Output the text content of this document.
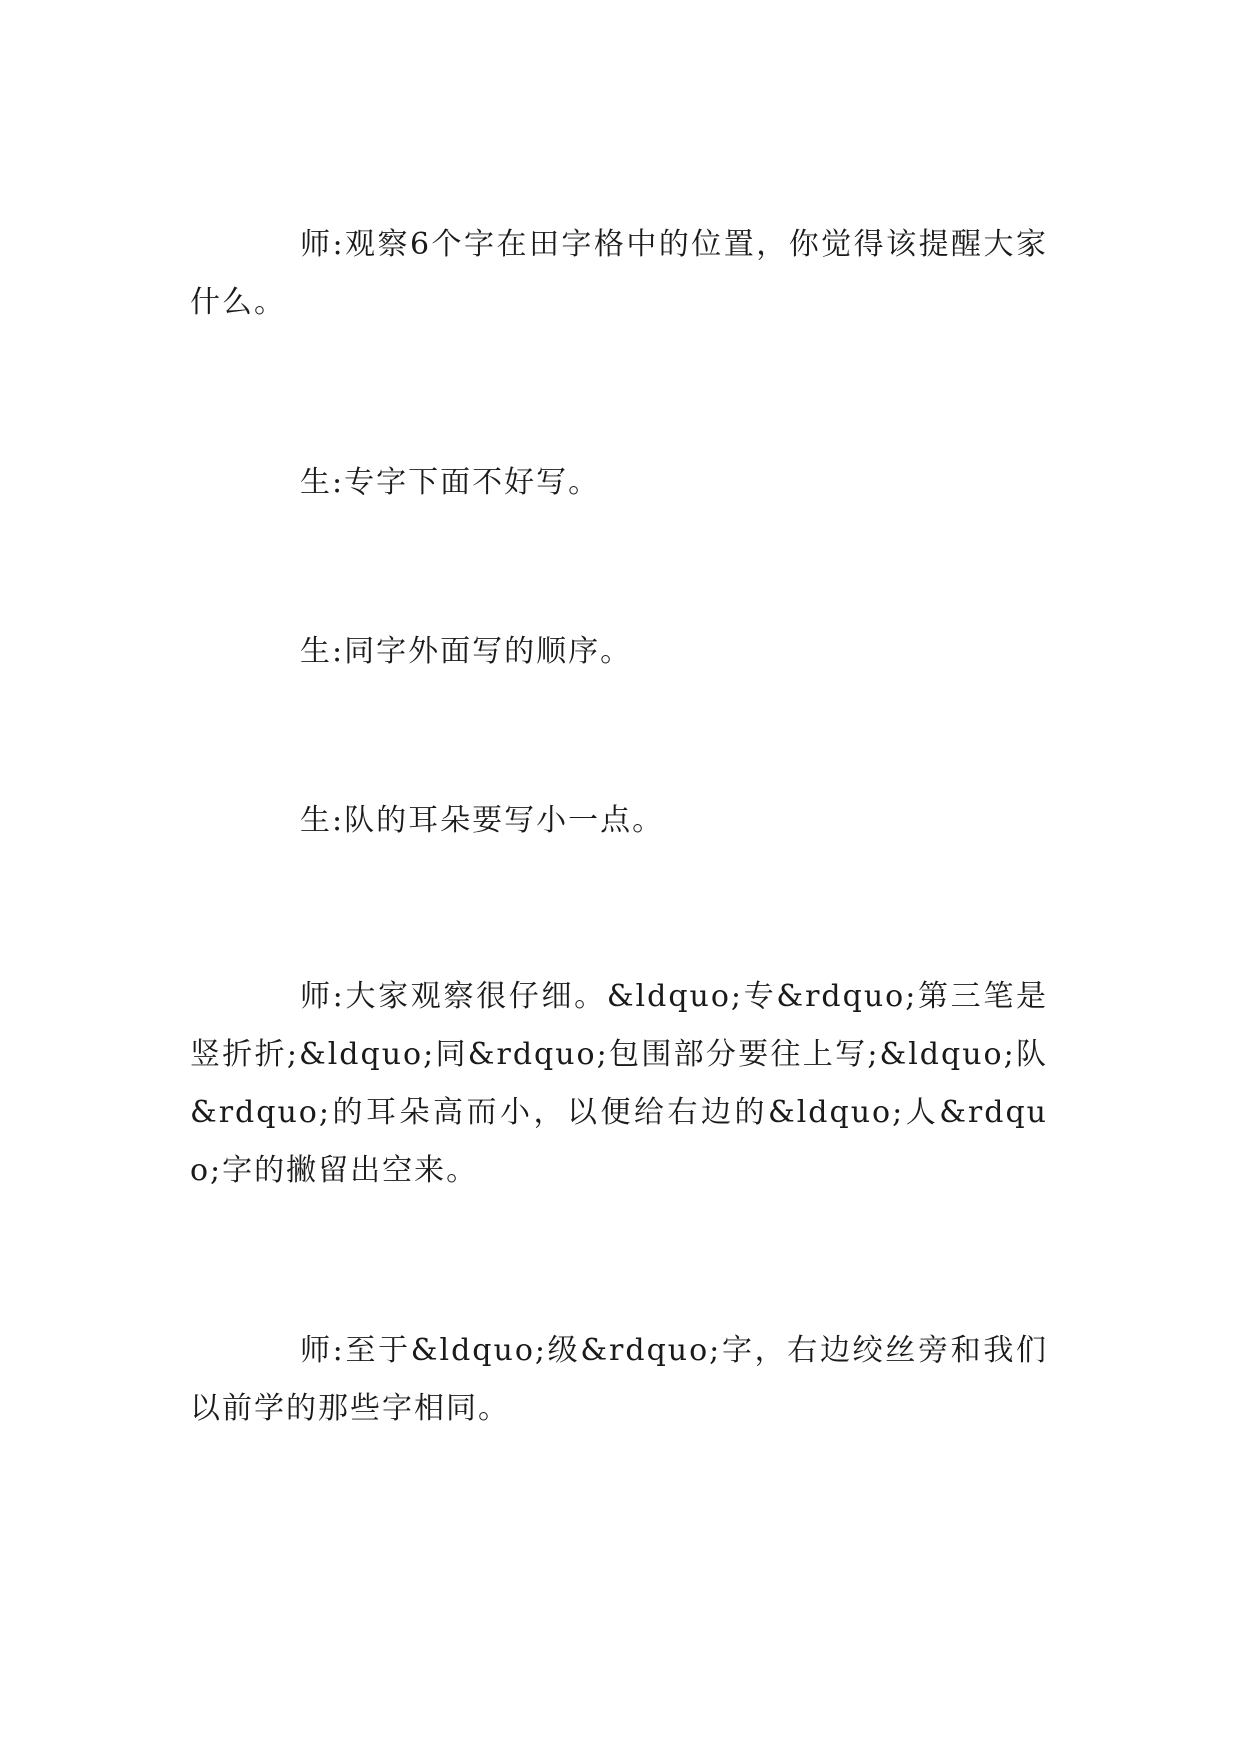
师:观察6个字在田字格中的位置，你觉得该提醒大家什么。

生:专字下面不好写。

生:同字外面写的顺序。

生:队的耳朵要写小一点。

师:大家观察很仔细。&ldquo;专&rdquo;第三笔是竖折折;&ldquo;同&rdquo;包围部分要往上写;&ldquo;队&rdquo;的耳朵高而小，以便给右边的&ldquo;人&rdquo;字的撇留出空来。

师:至于&ldquo;级&rdquo;字，右边绞丝旁和我们以前学的那些字相同。
